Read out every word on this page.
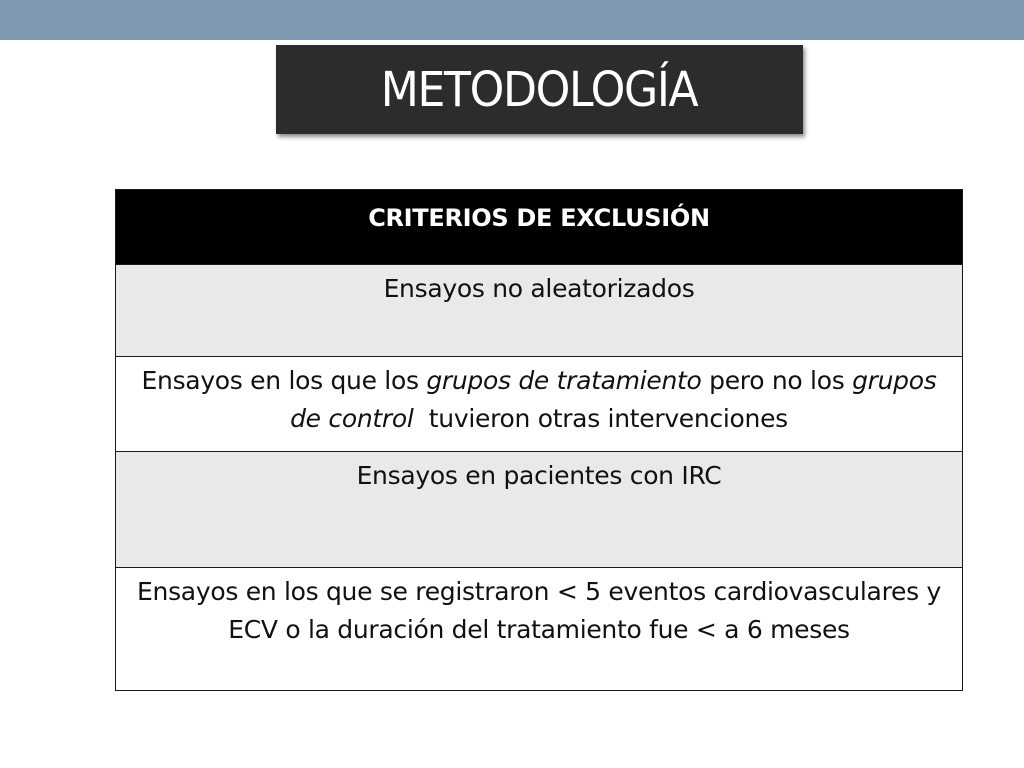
METODOLOGÍA
CRITERIOS DE EXCLUSIÓN
Ensayos no aleatorizados
Ensayos en los que los grupos de tratamiento pero no los grupos de control  tuvieron otras intervenciones
Ensayos en pacientes con IRC
Ensayos en los que se registraron < 5 eventos cardiovasculares y ECV o la duración del tratamiento fue < a 6 meses
